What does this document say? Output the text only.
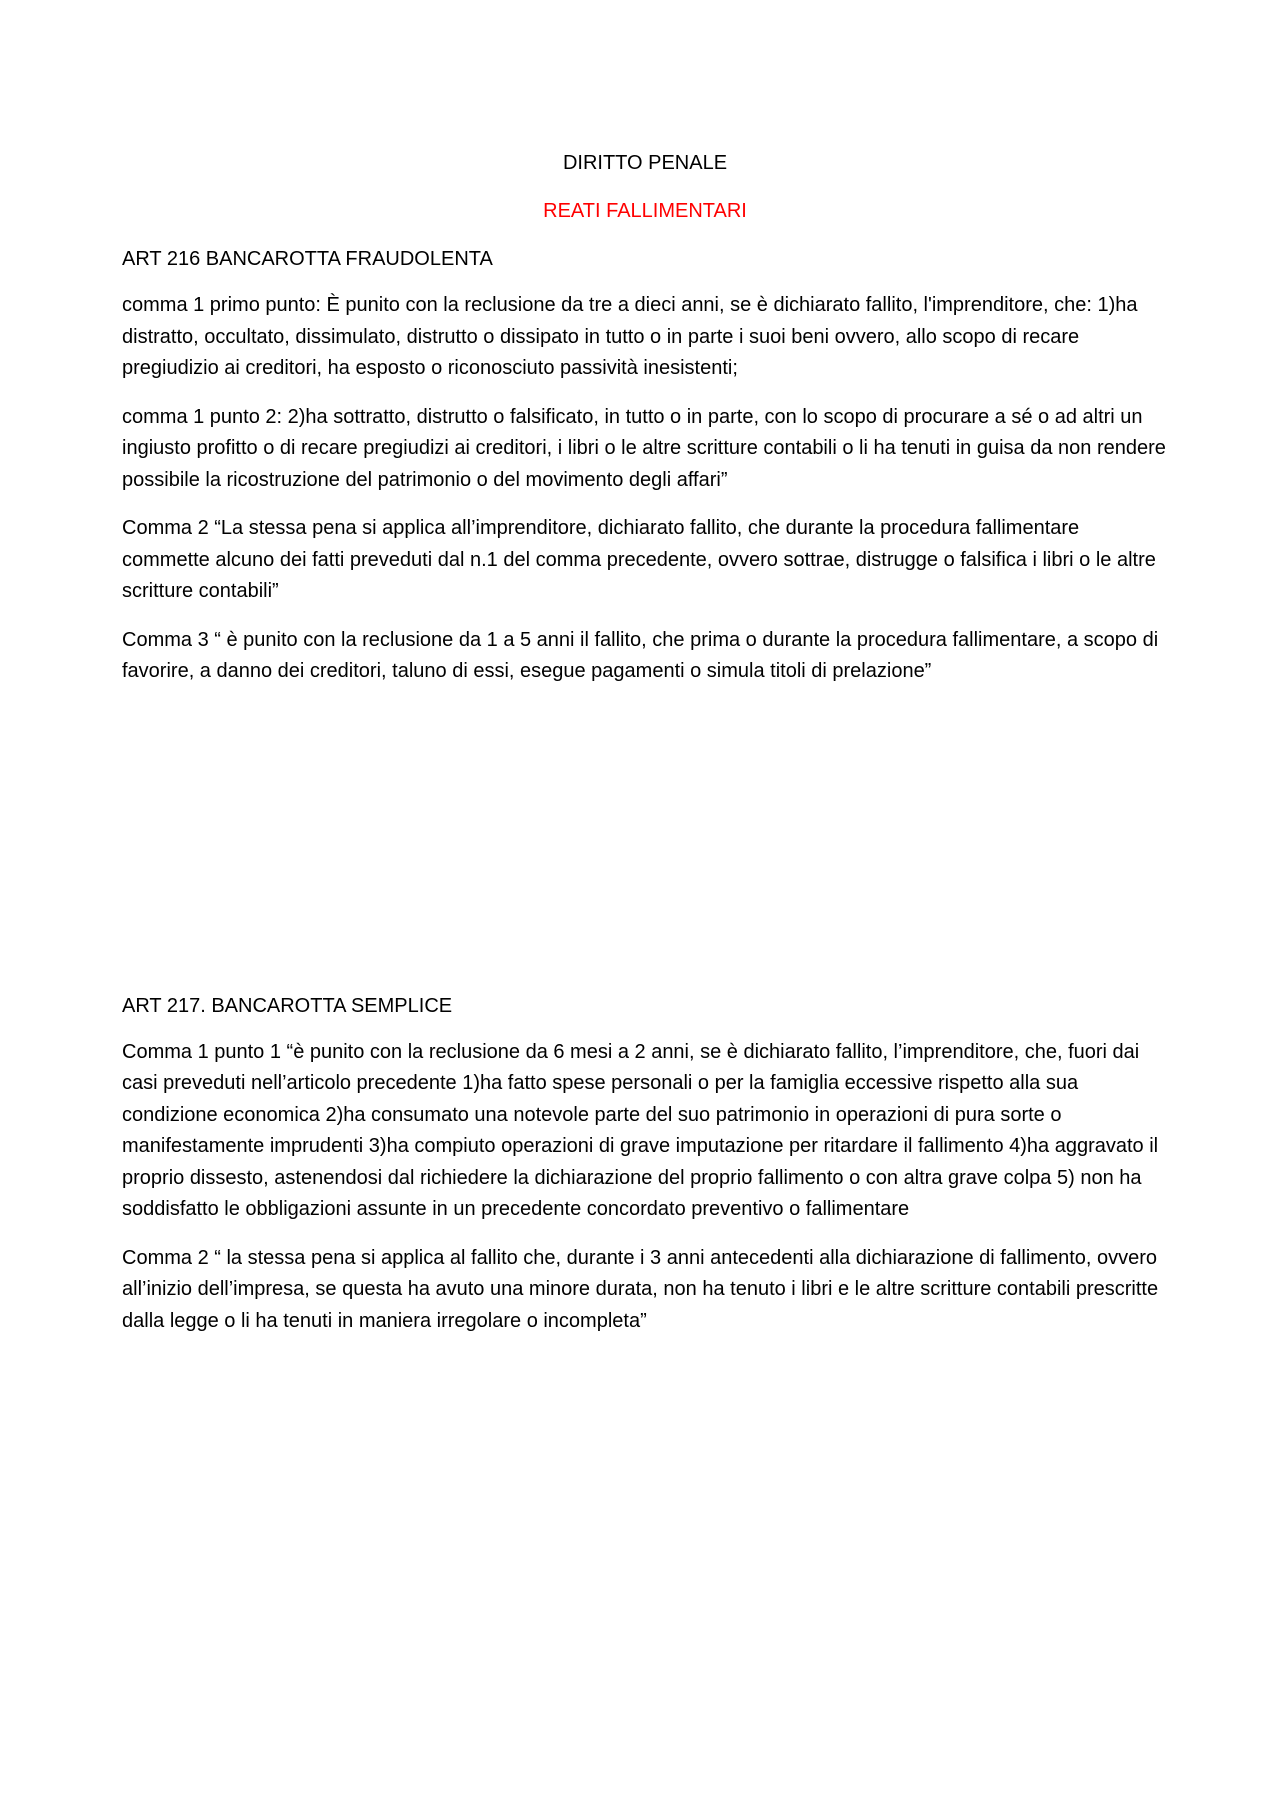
DIRITTO PENALE

REATI FALLIMENTARI

ART 216 BANCAROTTA FRAUDOLENTA

comma 1 primo punto: È punito con la reclusione da tre a dieci anni, se è dichiarato fallito, l'imprenditore, che: 1)ha distratto, occultato, dissimulato, distrutto o dissipato in tutto o in parte i suoi beni ovvero, allo scopo di recare pregiudizio ai creditori, ha esposto o riconosciuto passività inesistenti;

comma 1 punto 2: 2)ha sottratto, distrutto o falsificato, in tutto o in parte, con lo scopo di procurare a sé o ad altri un ingiusto profitto o di recare pregiudizi ai creditori, i libri o le altre scritture contabili o li ha tenuti in guisa da non rendere possibile la ricostruzione del patrimonio o del movimento degli affari”

Comma 2 “La stessa pena si applica all’imprenditore, dichiarato fallito, che durante la procedura fallimentare commette alcuno dei fatti preveduti dal n.1 del comma precedente, ovvero sottrae, distrugge o falsifica i libri o le altre scritture contabili”

Comma 3 “ è punito con la reclusione da 1 a 5 anni il fallito, che prima o durante la procedura fallimentare, a scopo di favorire, a danno dei creditori, taluno di essi, esegue pagamenti o simula titoli di prelazione”

ART 217. BANCAROTTA SEMPLICE

Comma 1 punto 1 “è punito con la reclusione da 6 mesi a 2 anni, se è dichiarato fallito, l’imprenditore, che, fuori dai casi preveduti nell’articolo precedente 1)ha fatto spese personali o per la famiglia eccessive rispetto alla sua condizione economica 2)ha consumato una notevole parte del suo patrimonio in operazioni di pura sorte o manifestamente imprudenti 3)ha compiuto operazioni di grave imputazione per ritardare il fallimento 4)ha aggravato il proprio dissesto, astenendosi dal richiedere la dichiarazione del proprio fallimento o con altra grave colpa 5) non ha soddisfatto le obbligazioni assunte in un precedente concordato preventivo o fallimentare

Comma 2 “ la stessa pena si applica al fallito che, durante i 3 anni antecedenti alla dichiarazione di fallimento, ovvero all’inizio dell’impresa, se questa ha avuto una minore durata, non ha tenuto i libri e le altre scritture contabili prescritte dalla legge o li ha tenuti in maniera irregolare o incompleta”
